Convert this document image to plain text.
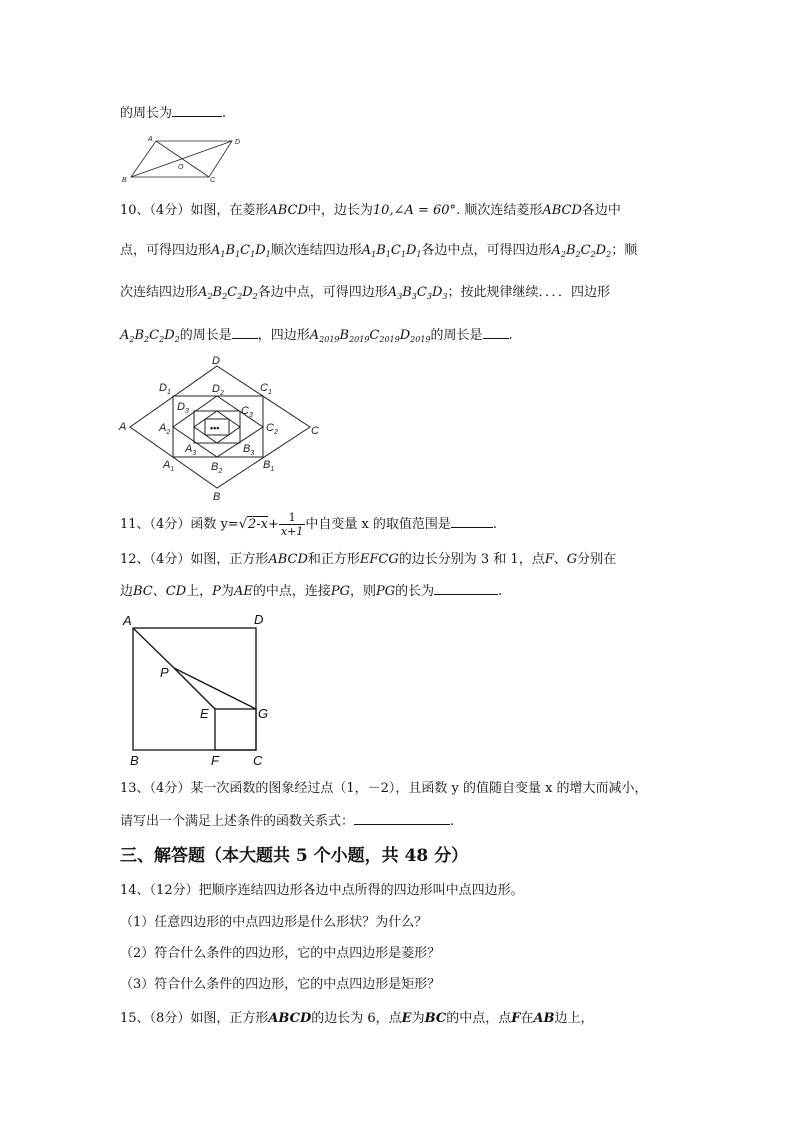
的周长为	.
A	D
O
B	C
10、（4分）如图，在菱形ABCD中，边长为10,∠A = 60°. 顺次连结菱形ABCD各边中
点，可得四边形$A_1B_1C_1D_1$顺次连结四边形$A_1B_1C_1D_1$各边中点，可得四边形$A_2B_2C_2D_2$；顺
次连结四边形$A_2B_2C_2D_2$各边中点，可得四边形$A_3B_3C_3D_3$；按此规律继续．．．．四边形
$A_2B_2C_2D_2$的周长是 ，四边形$A_{2019}B_{2019}C_{2019}D_{2019}$的周长是 .
D
$D_1$	$D_2$	$C_1$
$D_3$	$C_3$
A	$A_2$	$C_2$	C
$A_3$	$B_3$
$A_1$	$B_2$
$B_1$
B
•••
11、（4分）函数 $y=√2-x+ \frac{1}{x+1}$ 中自变量 x 的取值范围是	.
12、（4分）如图，正方形ABCD和正方形EFCG的边长分别为 3 和 1，点F、G分别在
边BC、CD上，P为AE的中点，连接PG，则PG的长为	.
A	D
P
E	G
B	F	C
13、（4分）某一次函数的图象经过点（1，－2），且函数 y 的值随自变量 x 的增大而减小，
请写出一个满足上述条件的函数关系式：	.
三、解答题（本大题共 5 个小题，共 48 分）
14、（12分）把顺序连结四边形各边中点所得的四边形叫中点四边形。
（1）任意四边形的中点四边形是什么形状？为什么？
（2）符合什么条件的四边形，它的中点四边形是菱形？
（3）符合什么条件的四边形，它的中点四边形是矩形？
15、（8分）如图，正方形ABCD的边长为 6，点E为BC的中点，点F在AB边上，
